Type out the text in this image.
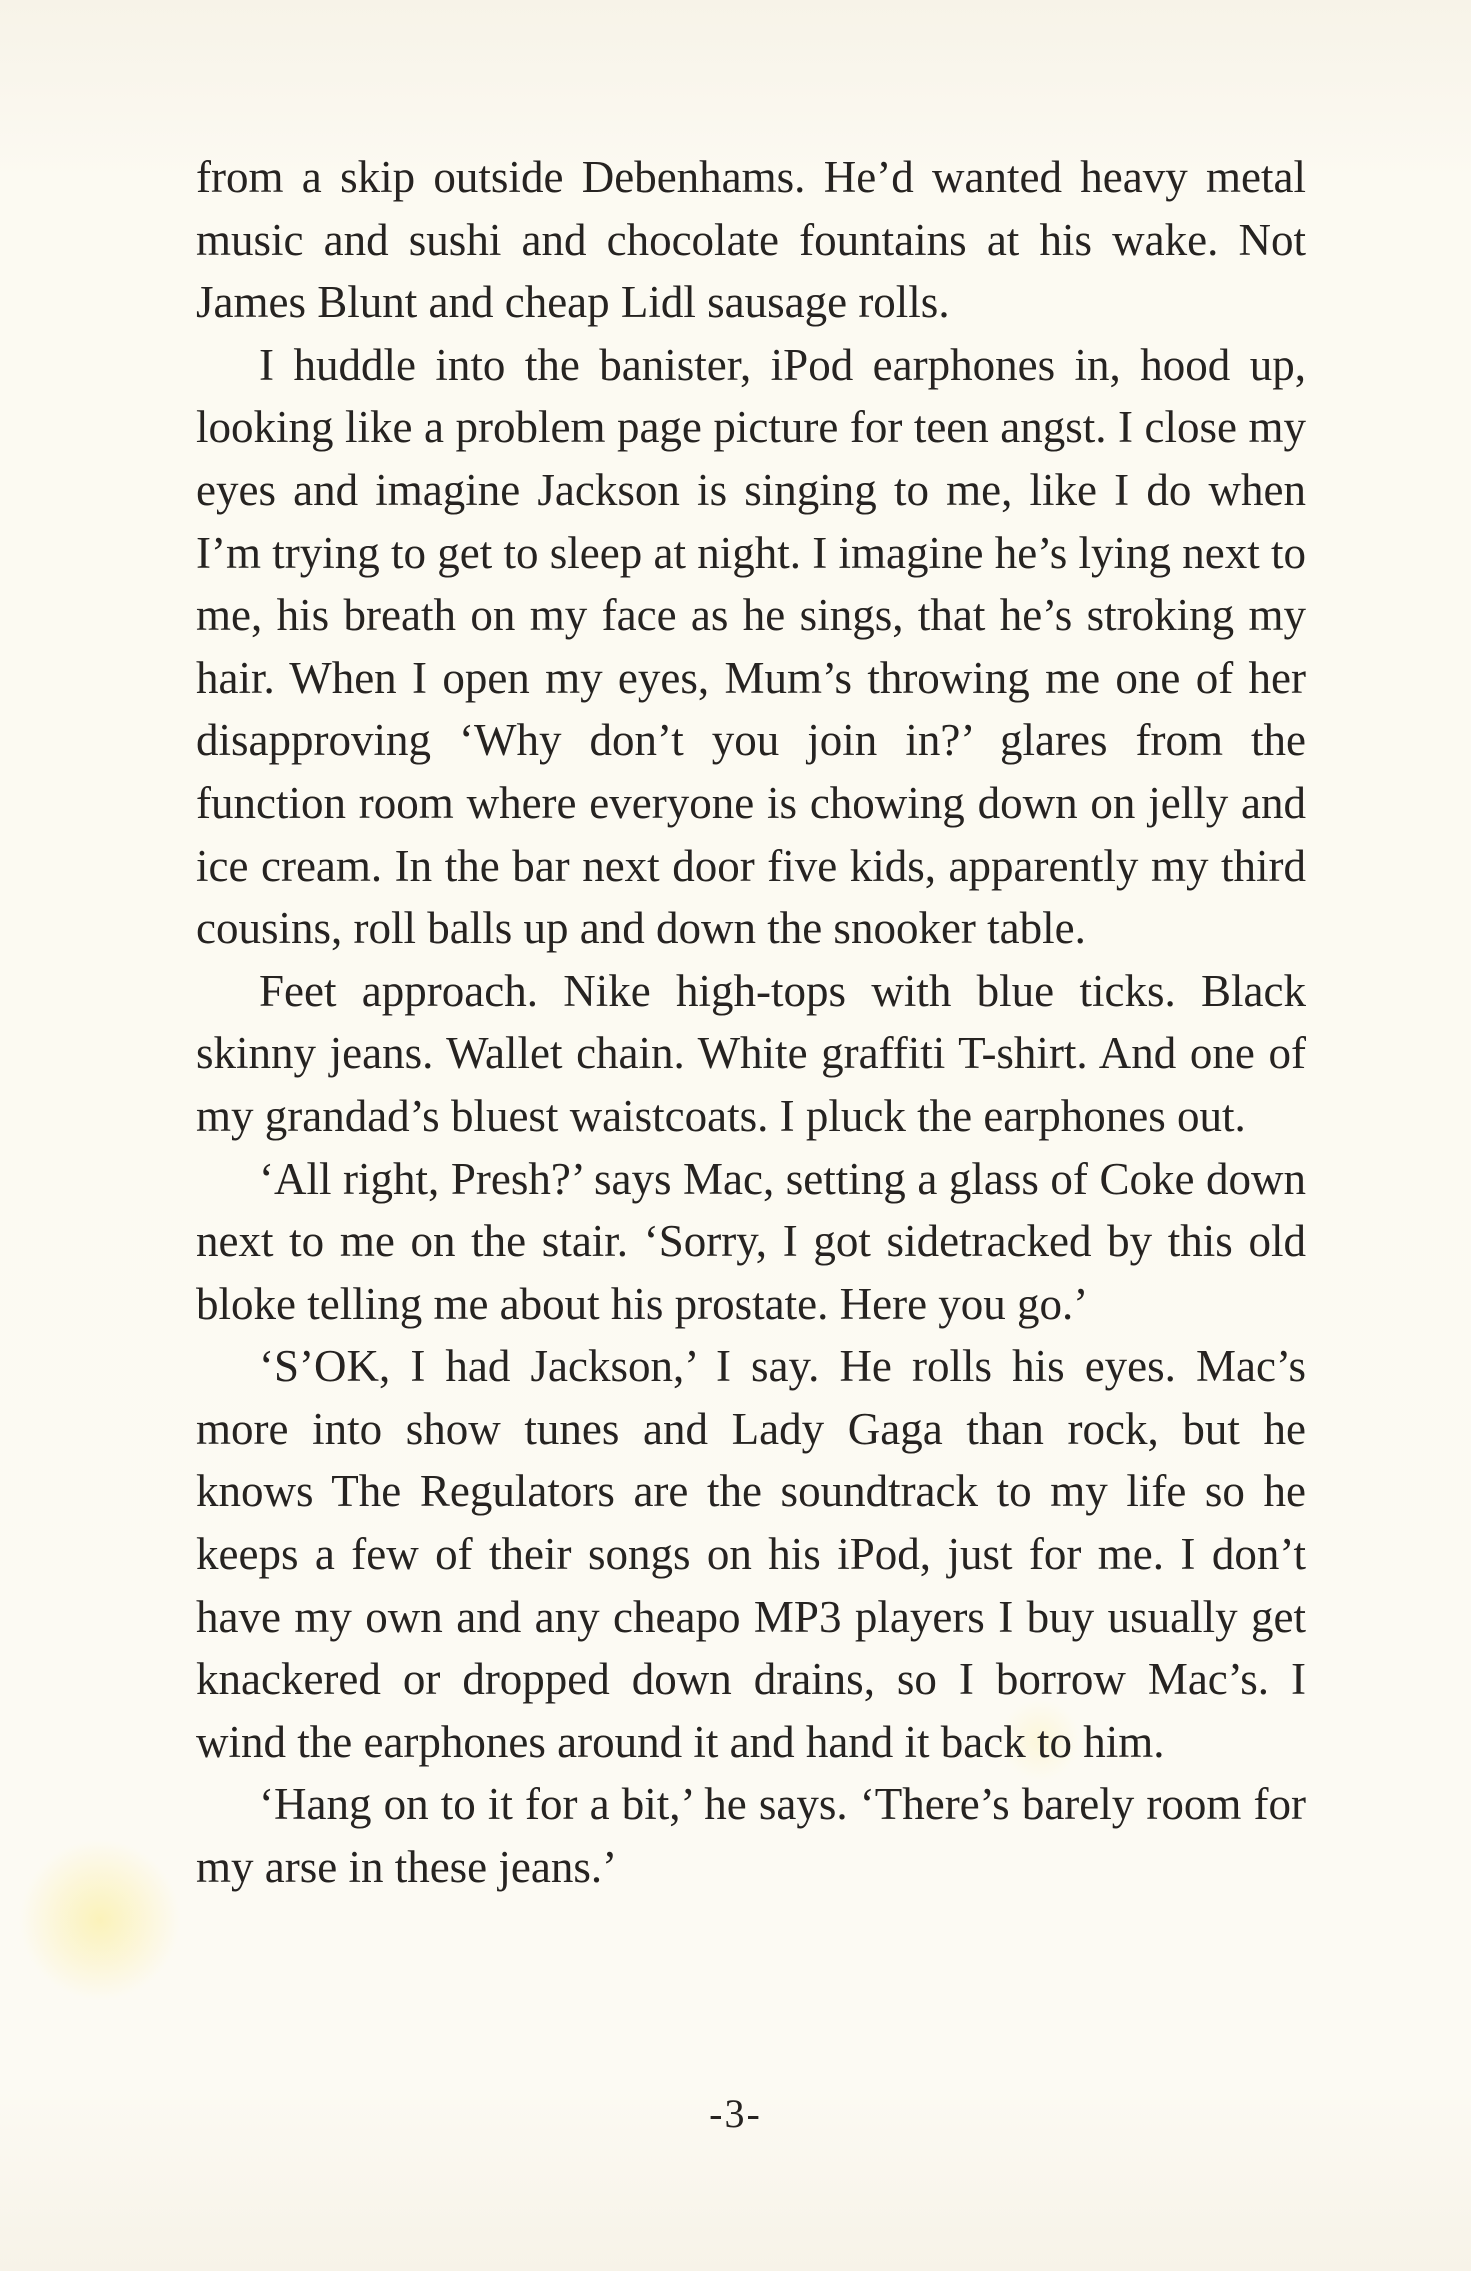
from a skip outside Debenhams. He’d wanted heavy metal music and sushi and chocolate fountains at his wake. Not James Blunt and cheap Lidl sausage rolls.

I huddle into the banister, iPod earphones in, hood up, looking like a problem page picture for teen angst. I close my eyes and imagine Jackson is singing to me, like I do when I’m trying to get to sleep at night. I imagine he’s lying next to me, his breath on my face as he sings, that he’s stroking my hair. When I open my eyes, Mum’s throwing me one of her disapproving ‘Why don’t you join in?’ glares from the function room where everyone is chowing down on jelly and ice cream. In the bar next door five kids, apparently my third cousins, roll balls up and down the snooker table.

Feet approach. Nike high-tops with blue ticks. Black skinny jeans. Wallet chain. White graffiti T-shirt. And one of my grandad’s bluest waistcoats. I pluck the earphones out.

‘All right, Presh?’ says Mac, setting a glass of Coke down next to me on the stair. ‘Sorry, I got sidetracked by this old bloke telling me about his prostate. Here you go.’

‘S’OK, I had Jackson,’ I say. He rolls his eyes. Mac’s more into show tunes and Lady Gaga than rock, but he knows The Regulators are the soundtrack to my life so he keeps a few of their songs on his iPod, just for me. I don’t have my own and any cheapo MP3 players I buy usually get knackered or dropped down drains, so I borrow Mac’s. I wind the earphones around it and hand it back to him.

‘Hang on to it for a bit,’ he says. ‘There’s barely room for my arse in these jeans.’

-3-
